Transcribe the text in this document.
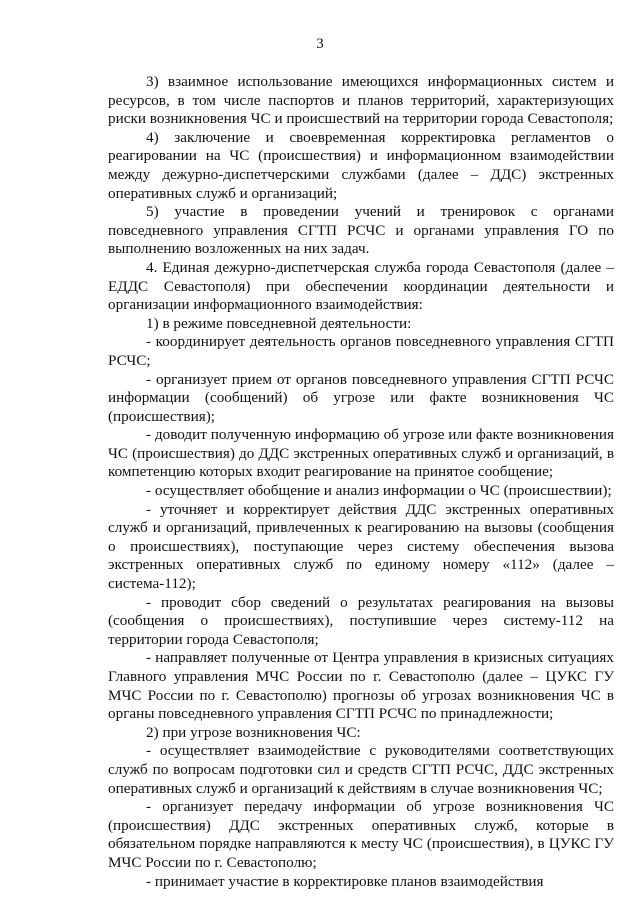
3

3) взаимное использование имеющихся информационных систем и ресурсов, в том числе паспортов и планов территорий, характеризующих риски возникновения ЧС и происшествий на территории города Севастополя;

4) заключение и своевременная корректировка регламентов о реагировании на ЧС (происшествия) и информационном взаимодействии между дежурно-диспетчерскими службами (далее – ДДС) экстренных оперативных служб и организаций;

5) участие в проведении учений и тренировок с органами повседневного управления СГТП РСЧС и органами управления ГО по выполнению возложенных на них задач.

4. Единая дежурно-диспетчерская служба города Севастополя (далее – ЕДДС Севастополя) при обеспечении координации деятельности и организации информационного взаимодействия:

1) в режиме повседневной деятельности:

- координирует деятельность органов повседневного управления СГТП РСЧС;

- организует прием от органов повседневного управления СГТП РСЧС информации (сообщений) об угрозе или факте возникновения ЧС (происшествия);

- доводит полученную информацию об угрозе или факте возникновения ЧС (происшествия) до ДДС экстренных оперативных служб и организаций, в компетенцию которых входит реагирование на принятое сообщение;

- осуществляет обобщение и анализ информации о ЧС (происшествии);

- уточняет и корректирует действия ДДС экстренных оперативных служб и организаций, привлеченных к реагированию на вызовы (сообщения о происшествиях), поступающие через систему обеспечения вызова экстренных оперативных служб по единому номеру «112» (далее – система-112);

- проводит сбор сведений о результатах реагирования на вызовы (сообщения о происшествиях), поступившие через систему-112 на территории города Севастополя;

- направляет полученные от Центра управления в кризисных ситуациях Главного управления МЧС России по г. Севастополю (далее – ЦУКС ГУ МЧС России по г. Севастополю) прогнозы об угрозах возникновения ЧС в органы повседневного управления СГТП РСЧС по принадлежности;

2) при угрозе возникновения ЧС:

- осуществляет взаимодействие с руководителями соответствующих служб по вопросам подготовки сил и средств СГТП РСЧС, ДДС экстренных оперативных служб и организаций к действиям в случае возникновения ЧС;

- организует передачу информации об угрозе возникновения ЧС (происшествия) ДДС экстренных оперативных служб, которые в обязательном порядке направляются к месту ЧС (происшествия), в ЦУКС ГУ МЧС России по г. Севастополю;

- принимает участие в корректировке планов взаимодействия
